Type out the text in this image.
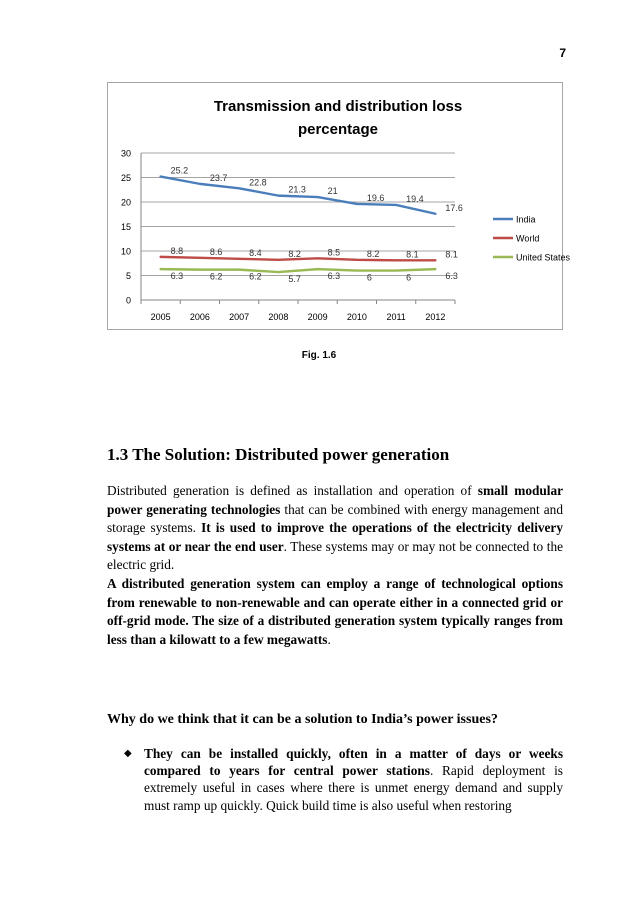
7
Transmission and distribution loss
percentage
0
5
10
15
20
25
30
2005 2006 2007 2008 2009 2010 2011 2012
25.2
23.7 22.8
21.3 21
19.6 19.4
17.6
8.8	8.6	8.4	8.2	8.5	8.2	8.1	8.1
6.3	6.2	6.2	5.7	6.3	6	6	6.3
India
World
United States
Fig. 1.6
1.3 The Solution: Distributed power generation

Distributed generation is defined as installation and operation of small modular power generating technologies that can be combined with energy management and storage systems. It is used to improve the operations of the electricity delivery systems at or near the end user. These systems may or may not be connected to the electric grid.

A distributed generation system can employ a range of technological options from renewable to non-renewable and can operate either in a connected grid or off-grid mode. The size of a distributed generation system typically ranges from less than a kilowatt to a few megawatts.

Why do we think that it can be a solution to India’s power issues?
◆ They can be installed quickly, often in a matter of days or weeks compared to years for central power stations. Rapid deployment is extremely useful in cases where there is unmet energy demand and supply must ramp up quickly. Quick build time is also useful when restoring
